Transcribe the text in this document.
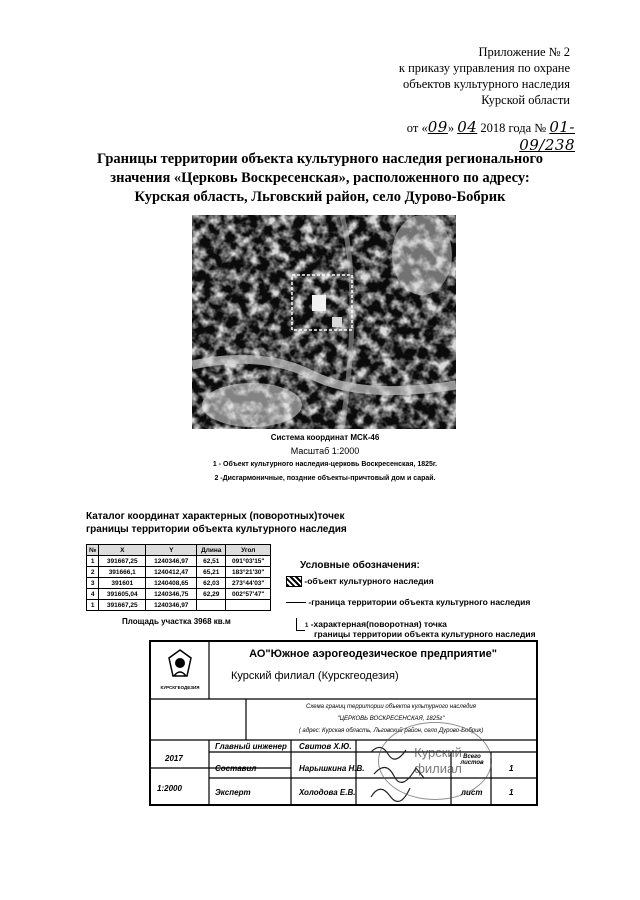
Приложение № 2
к приказу управления по охране
объектов культурного наследия
Курской области
от «09» 04 2018 года № 01-09/238
Границы территории объекта культурного наследия регионального
значения «Церковь Воскресенская», расположенного по адресу:
Курская область, Льговский район, село Дурово-Бобрик
Система координат МСК-46
Масштаб 1:2000
1 - Объект культурного наследия-церковь Воскресенская, 1825г.
2 -Дисгармоничные, поздние объекты-причтовый дом и сарай.
Каталог координат характерных (поворотных)точек
границы территории объекта культурного наследия
№	X	Y	Длина	Угол
1	391667,25	1240346,97	62,51	091°03'15"
2	391666,1	1240412,47	65,21	183°21'30"
3	391601	1240408,65	62,03	273°44'03"
4	391605,04	1240346,75	62,29	002°57'47"
1	391667,25	1240346,97		
Площадь участка 3968 кв.м
Условные обозначения:
-объект культурного наследия
-граница территории объекта культурного наследия
1 -характерная(поворотная) точка
границы территории объекта культурного наследия
КУРСКГЕОДЕЗИЯ
АО"Южное аэрогеодезическое предприятие"
Курский филиал (Курскгеодезия)
Схема границ территории объекта культурного наследия
"ЦЕРКОВЬ ВОСКРЕСЕНСКАЯ, 1825г"
( адрес: Курская область, Льговский район, село Дурово-Бобрик)
2017
1:2000
Главный инженер Свитов Х.Ю.
Составил	Нарышкина Н.В.
Эксперт	Холодова Е.В.
Всего листов
1
лист	1
Курский филиал
